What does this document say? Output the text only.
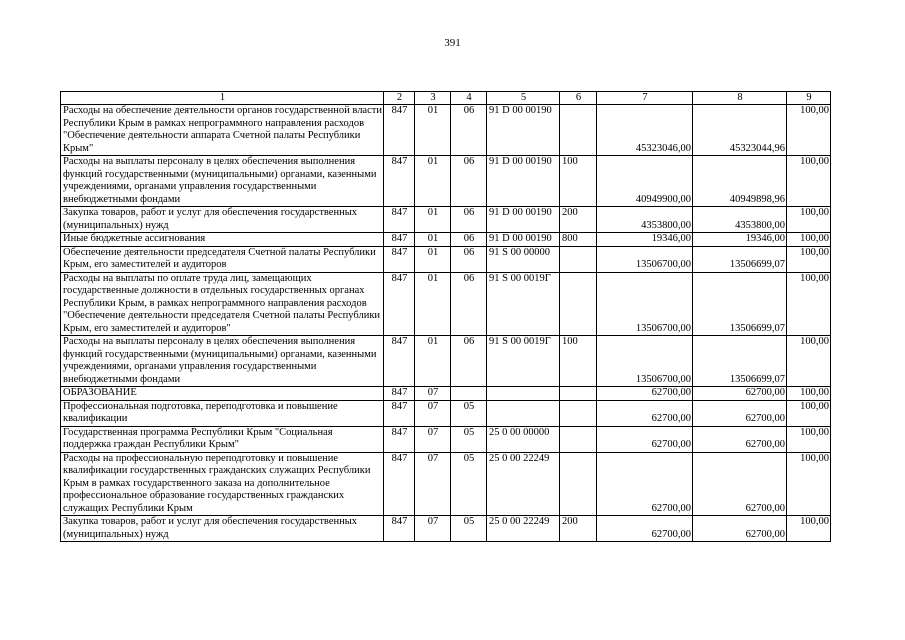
391
1	2	3	4	5	6	7	8	9
Расходы на обеспечение деятельности органов государственной власти Республики Крым в рамках непрограммного направления расходов "Обеспечение деятельности аппарата Счетной палаты Республики Крым"	847	01	06	91 D 00 00190		45323046,00	45323044,96	100,00
Расходы на выплаты персоналу в целях обеспечения выполнения функций государственными (муниципальными) органами, казенными учреждениями, органами управления государственными внебюджетными фондами	847	01	06	91 D 00 00190	100	40949900,00	40949898,96	100,00
Закупка товаров, работ и услуг для обеспечения государственных (муниципальных) нужд	847	01	06	91 D 00 00190	200	4353800,00	4353800,00	100,00
Иные бюджетные ассигнования	847	01	06	91 D 00 00190	800	19346,00	19346,00	100,00
Обеспечение деятельности председателя Счетной палаты Республики Крым, его заместителей и аудиторов	847	01	06	91 S 00 00000		13506700,00	13506699,07	100,00
Расходы на выплаты по оплате труда лиц, замещающих государственные должности в отдельных государственных органах Республики Крым, в рамках непрограммного направления расходов "Обеспечение деятельности председателя Счетной палаты Республики Крым, его заместителей и аудиторов"	847	01	06	91 S 00 0019Г		13506700,00	13506699,07	100,00
Расходы на выплаты персоналу в целях обеспечения выполнения функций государственными (муниципальными) органами, казенными учреждениями, органами управления государственными внебюджетными фондами	847	01	06	91 S 00 0019Г	100	13506700,00	13506699,07	100,00
ОБРАЗОВАНИЕ	847	07				62700,00	62700,00	100,00
Профессиональная подготовка, переподготовка и повышение квалификации	847	07	05			62700,00	62700,00	100,00
Государственная программа Республики Крым "Социальная поддержка граждан Республики Крым"	847	07	05	25 0 00 00000		62700,00	62700,00	100,00
Расходы на профессиональную переподготовку и повышение квалификации государственных гражданских служащих Республики Крым в рамках государственного заказа на дополнительное профессиональное образование государственных гражданских служащих Республики Крым	847	07	05	25 0 00 22249		62700,00	62700,00	100,00
Закупка товаров, работ и услуг для обеспечения государственных (муниципальных) нужд	847	07	05	25 0 00 22249	200	62700,00	62700,00	100,00
